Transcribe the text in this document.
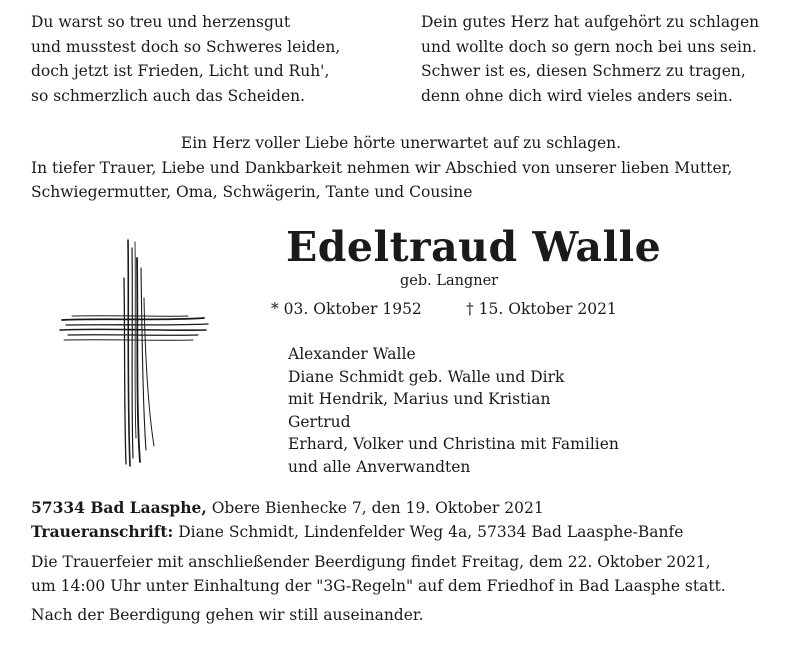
Du warst so treu und herzensgut
und musstest doch so Schweres leiden,
doch jetzt ist Frieden, Licht und Ruh',
so schmerzlich auch das Scheiden.
Dein gutes Herz hat aufgehört zu schlagen
und wollte doch so gern noch bei uns sein.
Schwer ist es, diesen Schmerz zu tragen,
denn ohne dich wird vieles anders sein.
Ein Herz voller Liebe hörte unerwartet auf zu schlagen.
In tiefer Trauer, Liebe und Dankbarkeit nehmen wir Abschied von unserer lieben Mutter,
Schwiegermutter, Oma, Schwägerin, Tante und Cousine
Edeltraud Walle
geb. Langner
* 03. Oktober 1952	† 15. Oktober 2021
Alexander Walle
Diane Schmidt geb. Walle und Dirk
mit Hendrik, Marius und Kristian
Gertrud
Erhard, Volker und Christina mit Familien
und alle Anverwandten
57334 Bad Laasphe, Obere Bienhecke 7, den 19. Oktober 2021
Traueranschrift: Diane Schmidt, Lindenfelder Weg 4a, 57334 Bad Laasphe-Banfe
Die Trauerfeier mit anschließender Beerdigung findet Freitag, dem 22. Oktober 2021,
um 14:00 Uhr unter Einhaltung der "3G-Regeln" auf dem Friedhof in Bad Laasphe statt.
Nach der Beerdigung gehen wir still auseinander.
